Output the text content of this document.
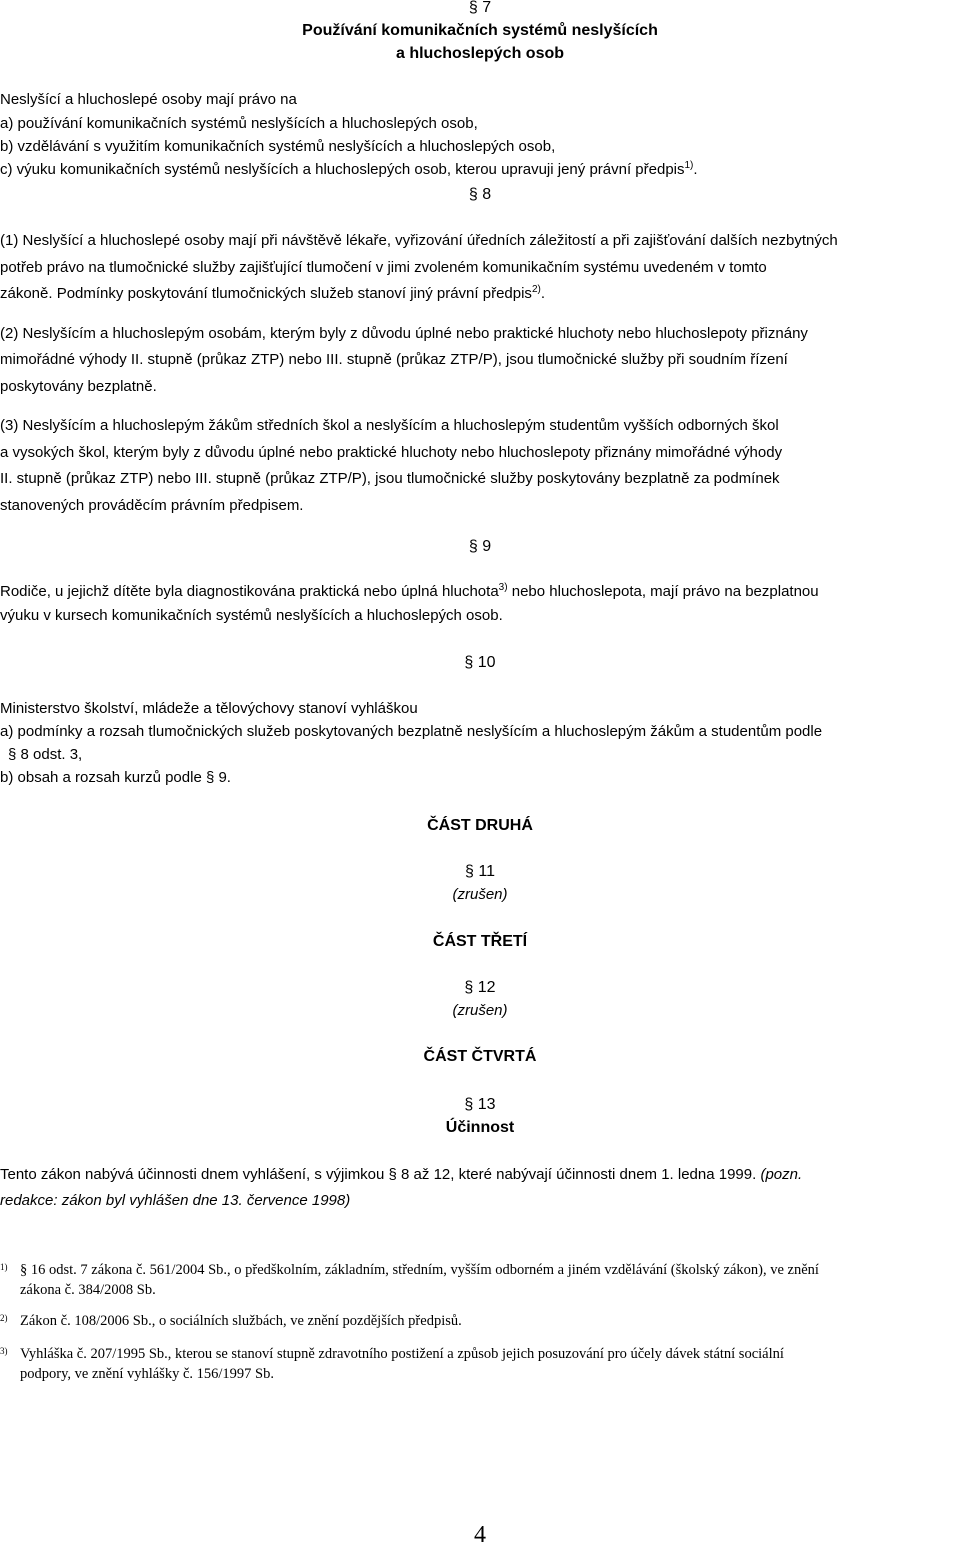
§ 7
Používání komunikačních systémů neslyšících
a hluchoslepých osob
Neslyšící a hluchoslepé osoby mají právo na
a) používání komunikačních systémů neslyšících a hluchoslepých osob,
b) vzdělávání s využitím komunikačních systémů neslyšících a hluchoslepých osob,
c) výuku komunikačních systémů neslyšících a hluchoslepých osob, kterou upravuji jený právní předpis$^{1)}$.
§ 8
(1) Neslyšící a hluchoslepé osoby mají při návštěvě lékaře, vyřizování úředních záležitostí a při zajišťování dalších nezbytných
potřeb právo na tlumočnické služby zajišťující tlumočení v jimi zvoleném komunikačním systému uvedeném v tomto
zákoně. Podmínky poskytování tlumočnických služeb stanoví jiný právní předpis$^{2)}$.
(2) Neslyšícím a hluchoslepým osobám, kterým byly z důvodu úplné nebo praktické hluchoty nebo hluchoslepoty přiznány
mimořádné výhody II. stupně (průkaz ZTP) nebo III. stupně (průkaz ZTP/P), jsou tlumočnické služby při soudním řízení
poskytovány bezplatně.
(3) Neslyšícím a hluchoslepým žákům středních škol a neslyšícím a hluchoslepým studentům vyšších odborných škol
a vysokých škol, kterým byly z důvodu úplné nebo praktické hluchoty nebo hluchoslepoty přiznány mimořádné výhody
II. stupně (průkaz ZTP) nebo III. stupně (průkaz ZTP/P), jsou tlumočnické služby poskytovány bezplatně za podmínek
stanovených prováděcím právním předpisem.
§ 9
Rodiče, u jejichž dítěte byla diagnostikována praktická nebo úplná hluchota$^{3)}$ nebo hluchoslepota, mají právo na bezplatnou
výuku v kursech komunikačních systémů neslyšících a hluchoslepých osob.
§ 10
Ministerstvo školství, mládeže a tělovýchovy stanoví vyhláškou
a) podmínky a rozsah tlumočnických služeb poskytovaných bezplatně neslyšícím a hluchoslepým žákům a studentům podle
§ 8 odst. 3,
b) obsah a rozsah kurzů podle § 9.
ČÁST DRUHÁ
§ 11
(zrušen)
ČÁST TŘETÍ
§ 12
(zrušen)
ČÁST ČTVRTÁ
§ 13
Účinnost
Tento zákon nabývá účinnosti dnem vyhlášení, s výjimkou § 8 až 12, které nabývají účinnosti dnem 1. ledna 1999. (pozn.
redakce: zákon byl vyhlášen dne 13. července 1998)
1) § 16 odst. 7 zákona č. 561/2004 Sb., o předškolním, základním, středním, vyšším odborném a jiném vzdělávání (školský zákon), ve znění
zákona č. 384/2008 Sb.
2) Zákon č. 108/2006 Sb., o sociálních službách, ve znění pozdějších předpisů.
3) Vyhláška č. 207/1995 Sb., kterou se stanoví stupně zdravotního postižení a způsob jejich posuzování pro účely dávek státní sociální
podpory, ve znění vyhlášky č. 156/1997 Sb.
4
